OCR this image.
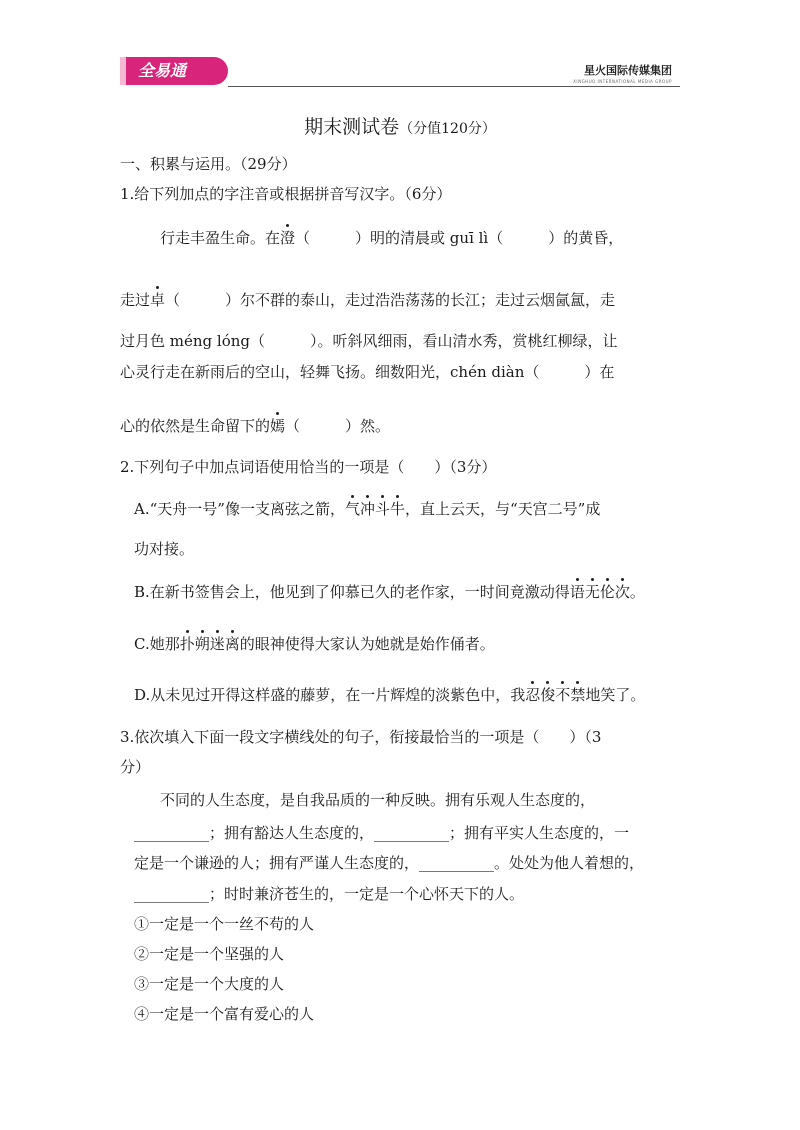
全易通	星火国际传媒集团
XINGHUO INTERNATIONAL MEDIA GROUP
期末测试卷（分值120分）
一、积累与运用。（29分）
1.给下列加点的字注音或根据拼音写汉字。（6分）
行走丰盈生命。在澄（　　　）明的清晨或 guī lì（　　　）的黄昏，
走过卓（　　　）尔不群的泰山，走过浩浩荡荡的长江；走过云烟氤氲，走
过月色 méng lóng（　　　）。听斜风细雨，看山清水秀，赏桃红柳绿，让
心灵行走在新雨后的空山，轻舞飞扬。细数阳光，chén diàn（　　　）在
心的依然是生命留下的嫣（　　　）然。
2.下列句子中加点词语使用恰当的一项是（　　）（3分）
A.“天舟一号”像一支离弦之箭，气冲斗牛，直上云天，与“天宫二号”成
功对接。
B.在新书签售会上，他见到了仰慕已久的老作家，一时间竟激动得语无伦次。
C.她那扑朔迷离的眼神使得大家认为她就是始作俑者。
D.从未见过开得这样盛的藤萝，在一片辉煌的淡紫色中，我忍俊不禁地笑了。
3.依次填入下面一段文字横线处的句子，衔接最恰当的一项是（　　）（3
分）
不同的人生态度，是自我品质的一种反映。拥有乐观人生态度的，
__________；拥有豁达人生态度的，__________；拥有平实人生态度的，一
定是一个谦逊的人；拥有严谨人生态度的，__________。处处为他人着想的，
__________；时时兼济苍生的，一定是一个心怀天下的人。
①一定是一个一丝不苟的人
②一定是一个坚强的人
③一定是一个大度的人
④一定是一个富有爱心的人
